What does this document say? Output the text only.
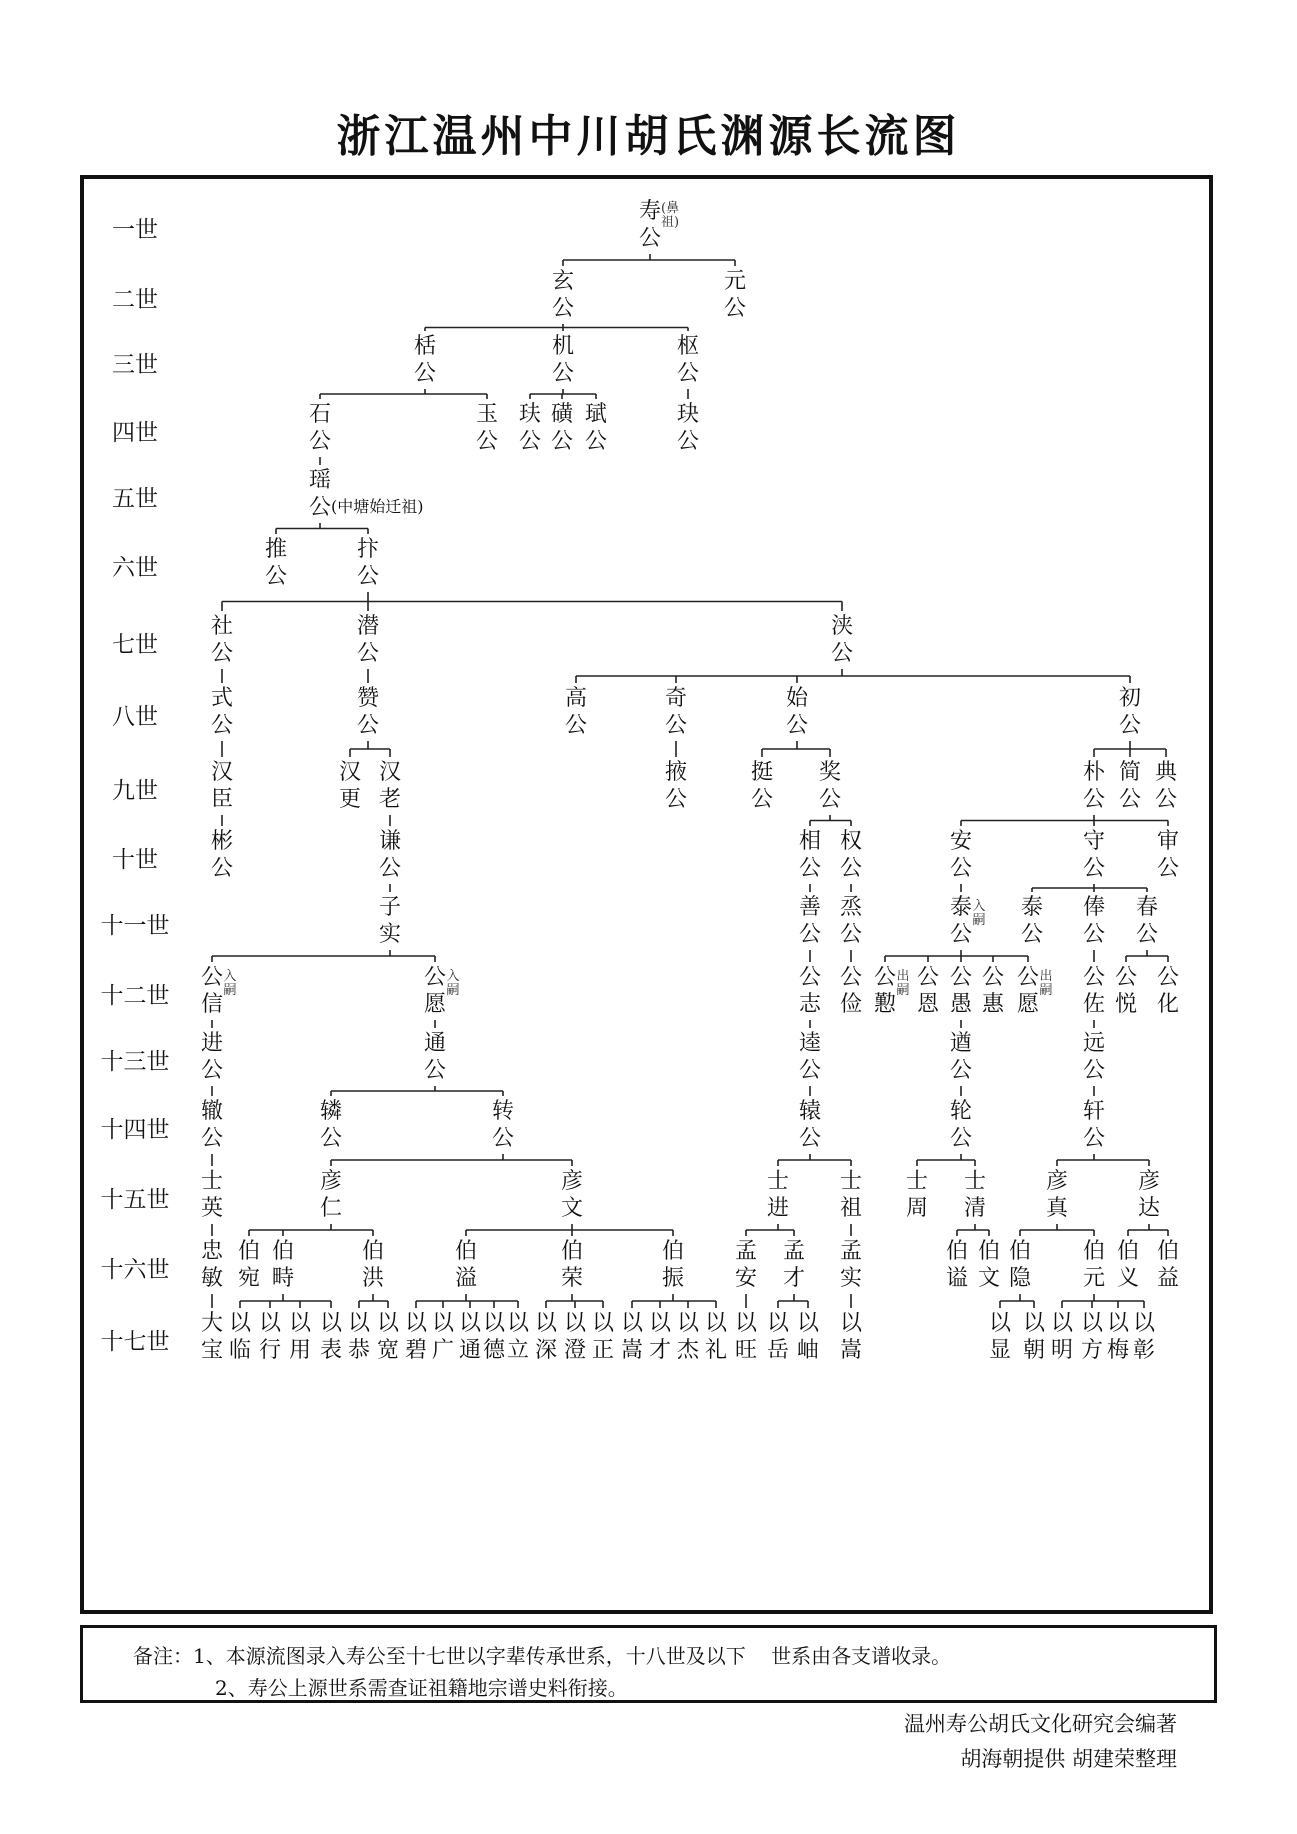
浙江温州中川胡氏渊源长流图
一世
二世
三世
四世
五世
六世
七世
八世
九世
十世
十一世
十二世
十三世
十四世
十五世
十六世
十七世
寿
公
(鼻祖)
玄
公
元
公
栝
公
机
公
枢
公
石
公
玉
公
玞
公
磺
公
珷
公
玦
公
瑶
公 (中塘始迁祖)
推
公
抃
公
社
公
潜
公
浃
公
式
公
赞
公
高
公
奇
公
始
公
初
公
汉
臣
汉
更
汉
老
掖
公
挺
公
奖
公
朴
公
简
公
典
公
彬
公
谦
公
相
公
权
公
安
公
守
公
审
公
子
实
善
公
烝
公
泰
公
入嗣
泰
公
俸
公
春
公
公
信
入嗣
公
愿
入嗣
公
志
公
俭
公
懃
出嗣
公
恩
公
愚
公
惠
公
愿
出嗣
公
佐
公
悦
公
化
进
公
通
公
逵
公
遒
公
远
公
辙
公
辚
公
转
公
辕
公
轮
公
轩
公
士
英
彦
仁
彦
文
士
进
士
祖
士
周
士
清
彦
真
彦
达
忠
敏
伯
宛
伯
畤
伯
洪
伯
溢
伯
荣
伯
振
孟
安
孟
才
孟
实
伯
谥
伯
文
伯
隐
伯
元
伯
义
伯
益
大
宝
以
临
以
行
以
用
以
表
以
恭
以
宽
以
碧
以
广
以
通
以
德
以
立
以
深
以
澄
以
正
以
嵩
以
才
以
杰
以
礼
以
旺
以
岳
以
岫
以
嵩
以
显
以
朝
以
明
以
方
以
梅
以
彰
备注：1、本源流图录入寿公至十七世以字辈传承世系，十八世及以下    世系由各支谱收录。
2、寿公上源世系需查证祖籍地宗谱史料衔接。
温州寿公胡氏文化研究会编著
胡海朝提供 胡建荣整理
